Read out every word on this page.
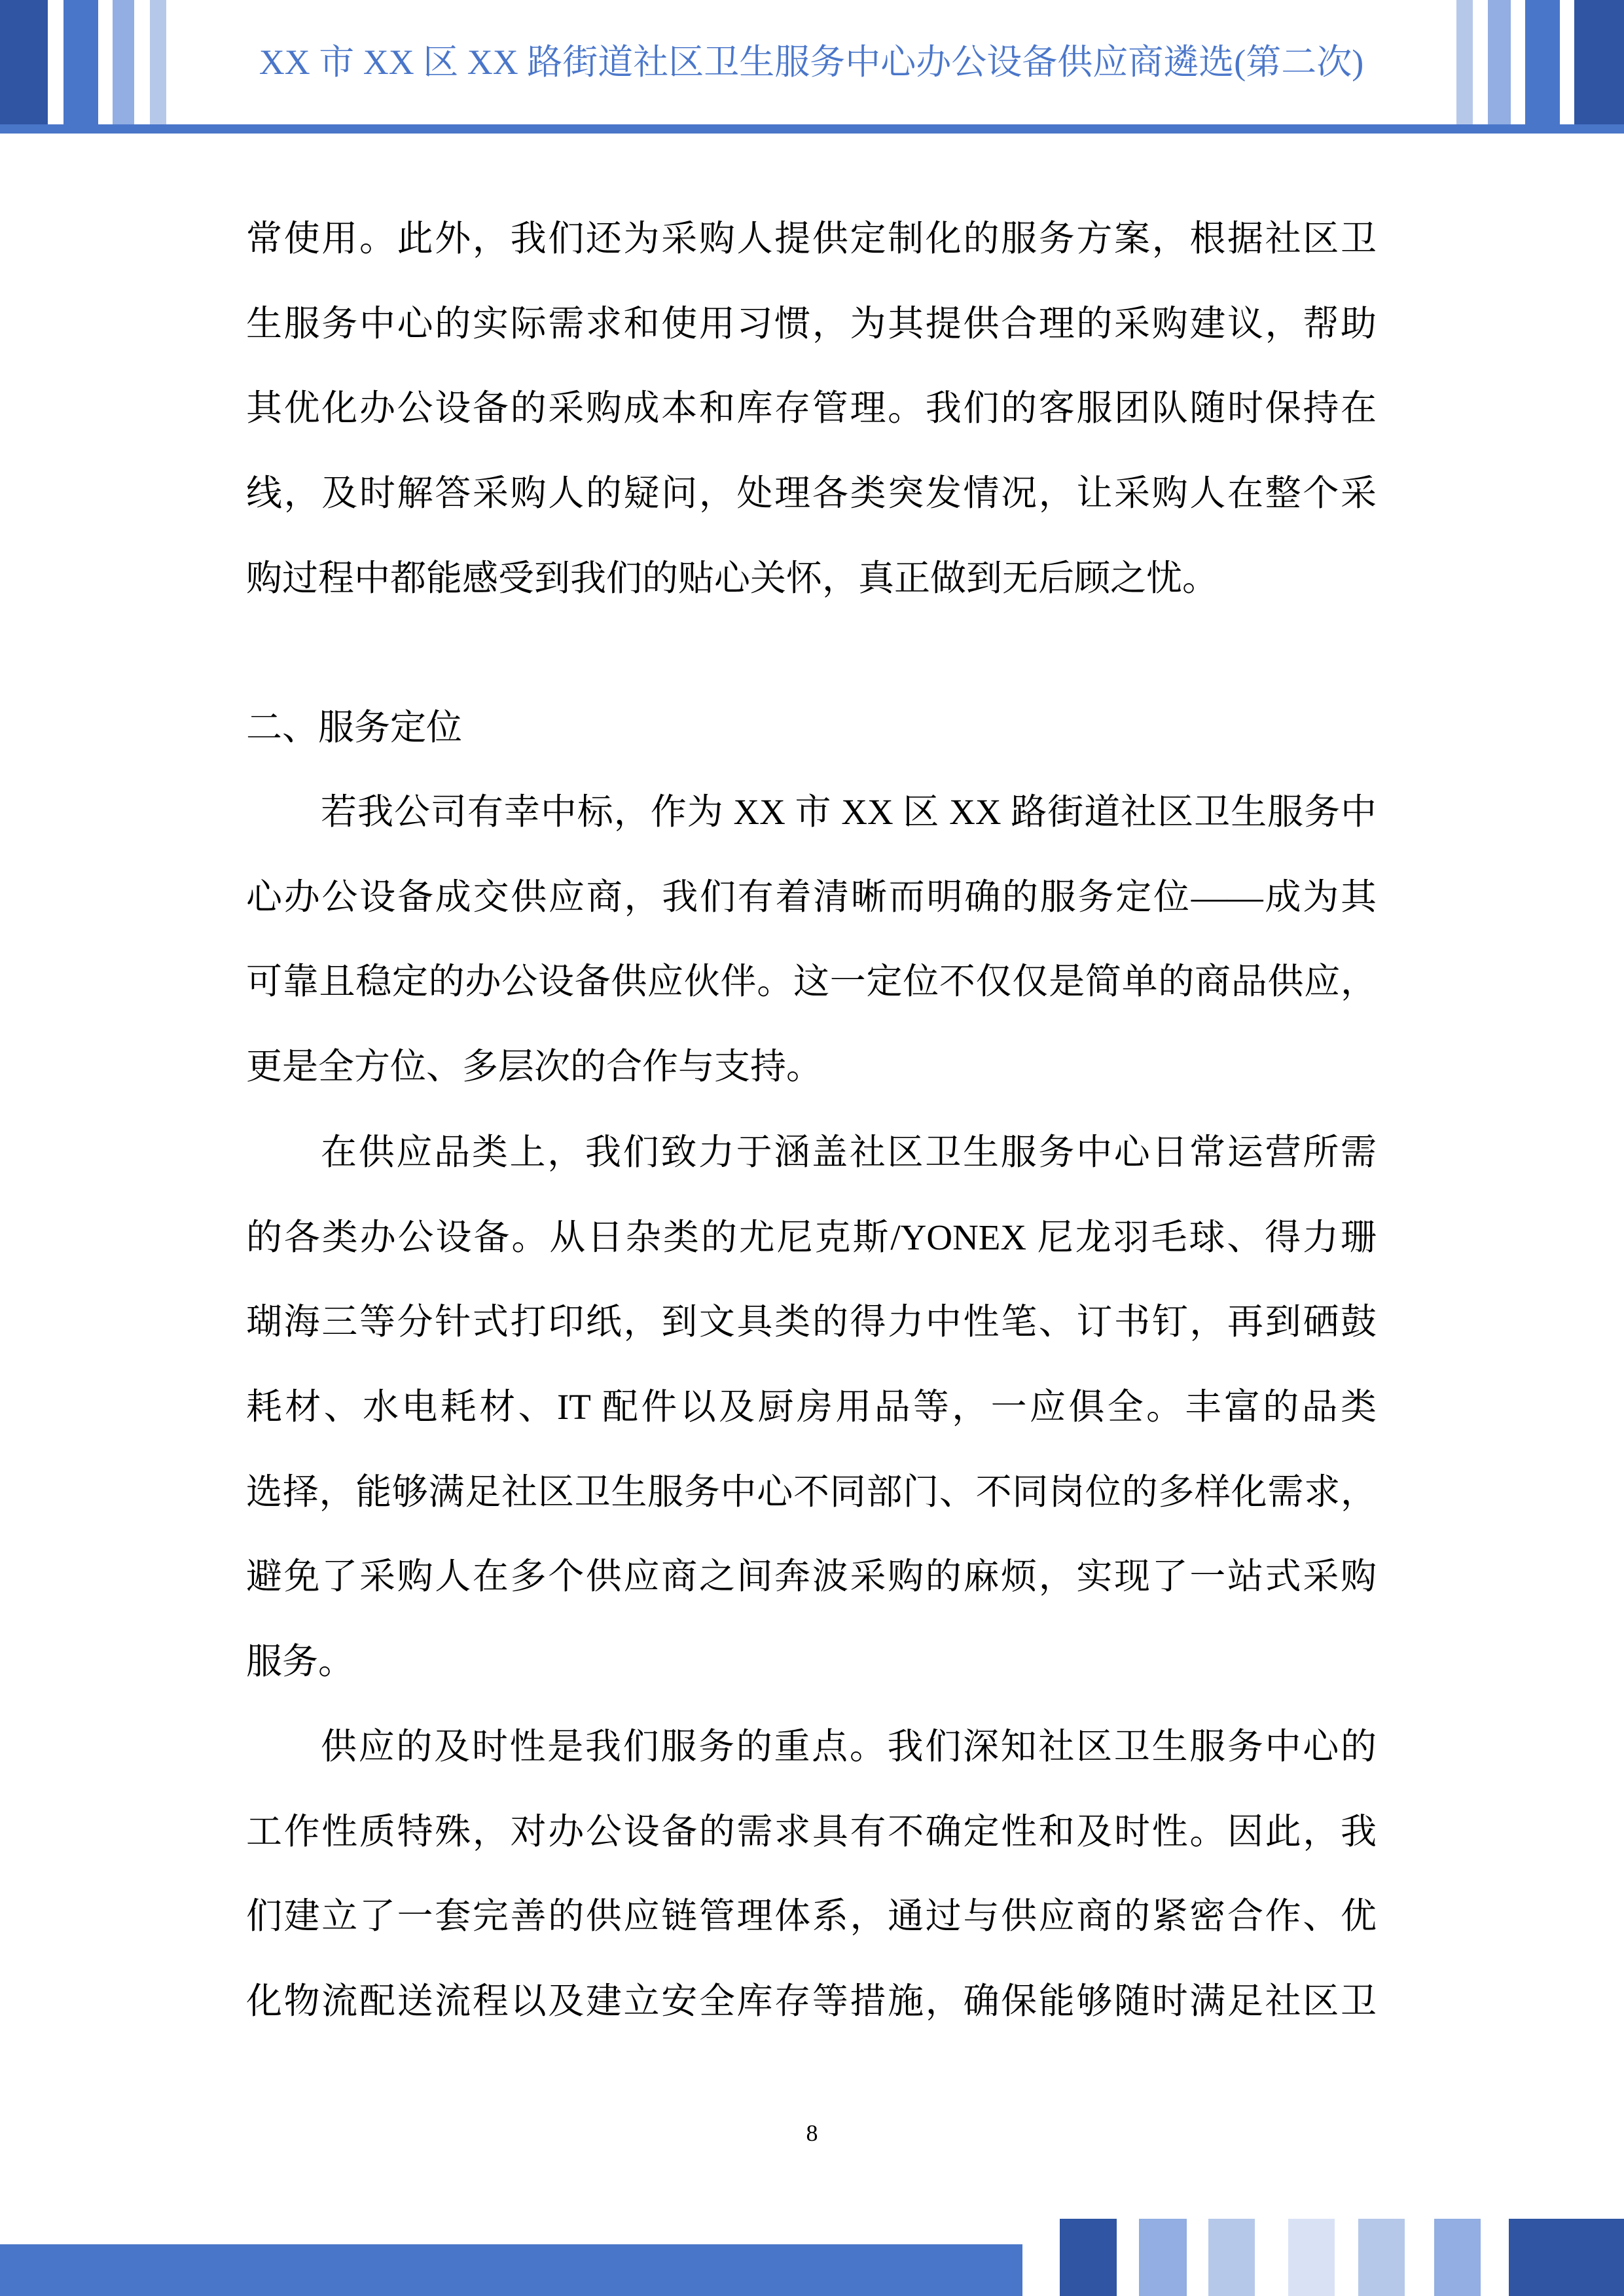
XX 市 XX 区 XX 路街道社区卫生服务中心办公设备供应商遴选(第二次)
常使用。此外，我们还为采购人提供定制化的服务方案，根据社区卫
生服务中心的实际需求和使用习惯，为其提供合理的采购建议，帮助
其优化办公设备的采购成本和库存管理。我们的客服团队随时保持在
线，及时解答采购人的疑问，处理各类突发情况，让采购人在整个采
购过程中都能感受到我们的贴心关怀，真正做到无后顾之忧。
二、服务定位
若我公司有幸中标，作为 XX 市 XX 区 XX 路街道社区卫生服务中
心办公设备成交供应商，我们有着清晰而明确的服务定位——成为其
可靠且稳定的办公设备供应伙伴。这一定位不仅仅是简单的商品供应，
更是全方位、多层次的合作与支持。
在供应品类上，我们致力于涵盖社区卫生服务中心日常运营所需
的各类办公设备。从日杂类的尤尼克斯/YONEX 尼龙羽毛球、得力珊
瑚海三等分针式打印纸，到文具类的得力中性笔、订书钉，再到硒鼓
耗材、水电耗材、IT 配件以及厨房用品等，一应俱全。丰富的品类
选择，能够满足社区卫生服务中心不同部门、不同岗位的多样化需求，
避免了采购人在多个供应商之间奔波采购的麻烦，实现了一站式采购
服务。
供应的及时性是我们服务的重点。我们深知社区卫生服务中心的
工作性质特殊，对办公设备的需求具有不确定性和及时性。因此，我
们建立了一套完善的供应链管理体系，通过与供应商的紧密合作、优
化物流配送流程以及建立安全库存等措施，确保能够随时满足社区卫
8
